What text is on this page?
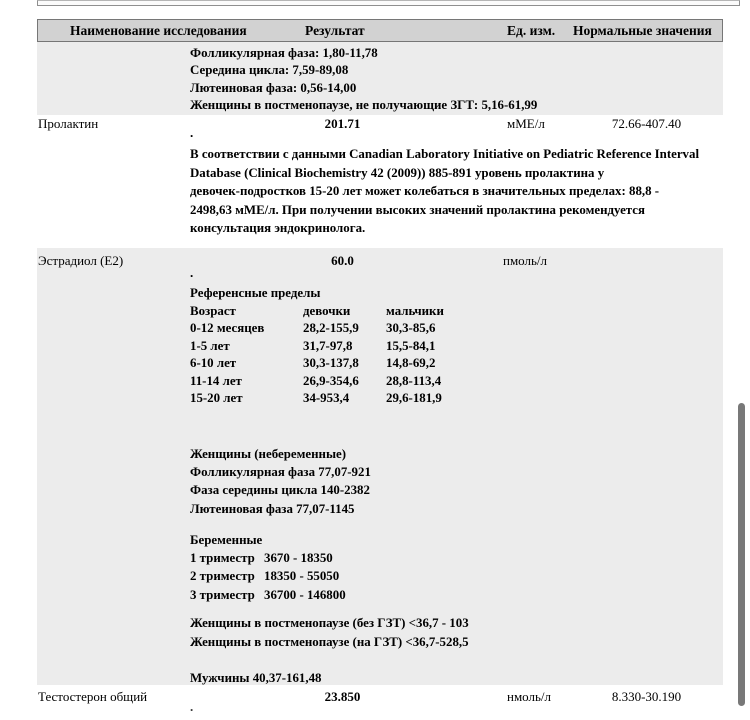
Наименование исследования	Результат	Ед. изм. Нормальные значения
Фолликулярная фаза: 1,80-11,78
Середина цикла: 7,59-89,08
Лютеиновая фаза: 0,56-14,00
Женщины в постменопаузе, не получающие ЗГТ: 5,16-61,99
Пролактин	201.71	мМЕ/л	72.66-407.40
.
В соответствии с данными Canadian Laboratory Initiative on Pediatric Reference Interval
Database (Clinical Biochemistry 42 (2009)) 885-891 уровень пролактина у
девочек-подростков 15-20 лет может колебаться в значительных пределах: 88,8 -
2498,63 мМЕ/л. При получении высоких значений пролактина рекомендуется
консультация эндокринолога.
Эстрадиол (Е2)	60.0	пмоль/л
.
Референсные пределы
Возраст	девочки	мальчики
0-12 месяцев	28,2-155,9	30,3-85,6
1-5 лет	31,7-97,8	15,5-84,1
6-10 лет	30,3-137,8	14,8-69,2
11-14 лет	26,9-354,6	28,8-113,4
15-20 лет	34-953,4	29,6-181,9
Женщины (небеременные)
Фолликулярная фаза 77,07-921
Фаза середины цикла 140-2382
Лютеиновая фаза 77,07-1145
Беременные
1 триместр 3670 - 18350
2 триместр 18350 - 55050
3 триместр 36700 - 146800
Женщины в постменопаузе (без ГЗТ) <36,7 - 103
Женщины в постменопаузе (на ГЗТ) <36,7-528,5
Мужчины 40,37-161,48
Тестостерон общий	23.850	нмоль/л	8.330-30.190
.
